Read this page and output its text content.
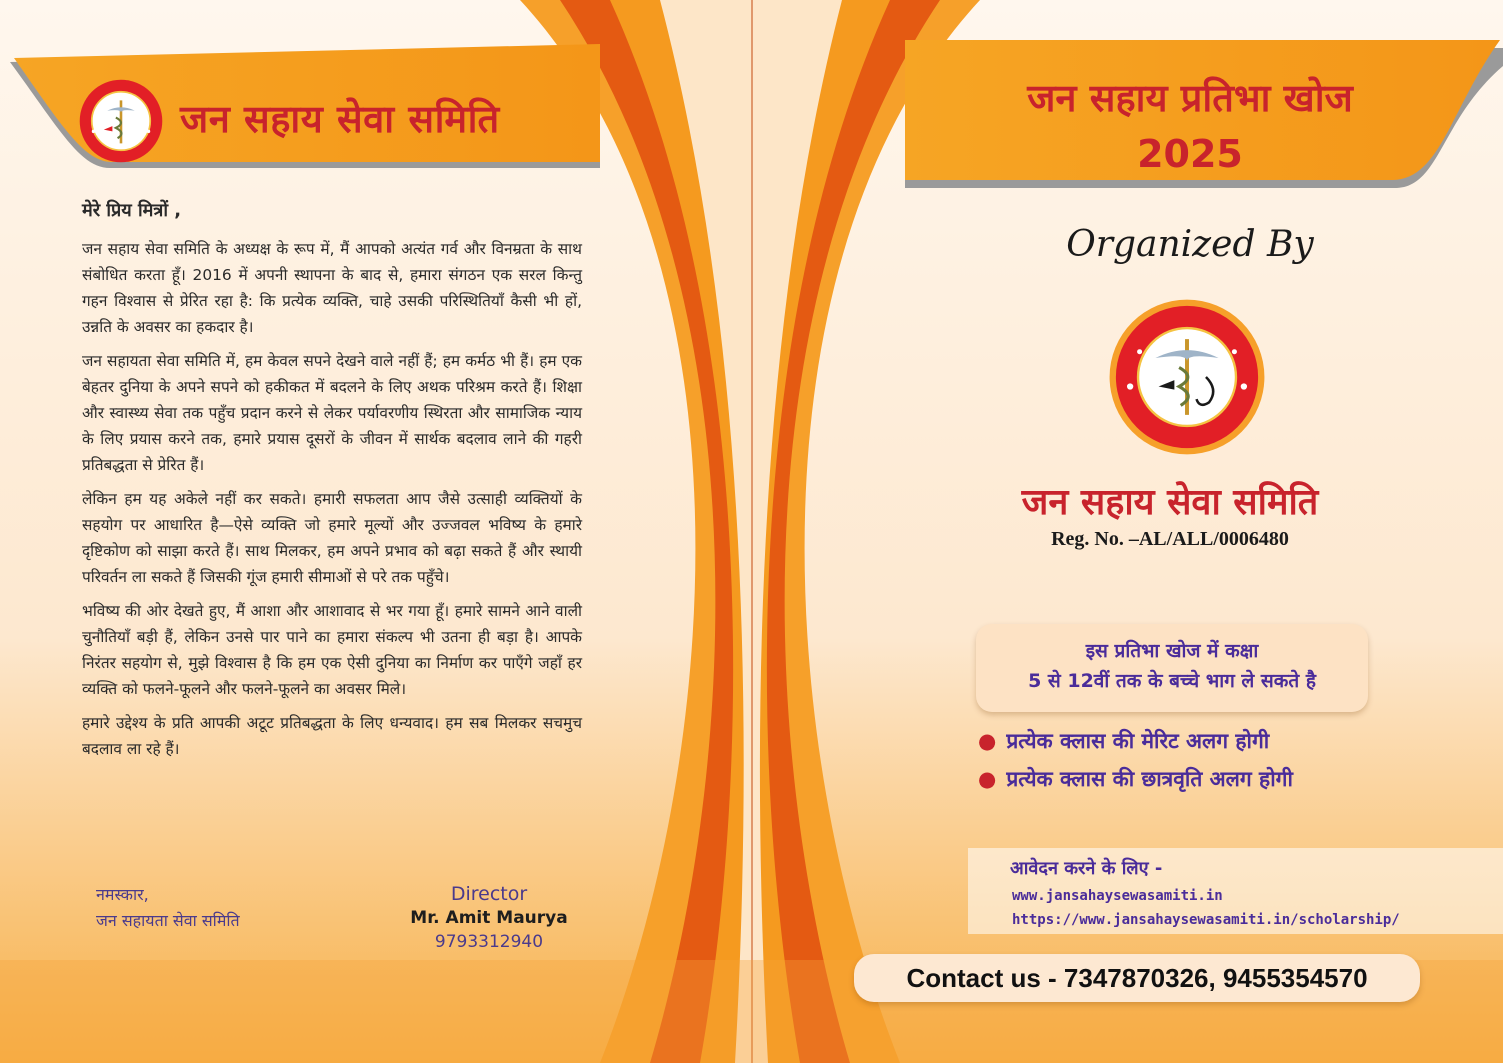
जन सहाय सेवा समिति
मेरे प्रिय मित्रों ,

जन सहाय सेवा समिति के अध्यक्ष के रूप में, मैं आपको अत्यंत गर्व और विनम्रता के साथ संबोधित करता हूँ। 2016 में अपनी स्थापना के बाद से, हमारा संगठन एक सरल किन्तु गहन विश्वास से प्रेरित रहा है: कि प्रत्येक व्यक्ति, चाहे उसकी परिस्थितियाँ कैसी भी हों, उन्नति के अवसर का हकदार है।

जन सहायता सेवा समिति में, हम केवल सपने देखने वाले नहीं हैं; हम कर्मठ भी हैं। हम एक बेहतर दुनिया के अपने सपने को हकीकत में बदलने के लिए अथक परिश्रम करते हैं। शिक्षा और स्वास्थ्य सेवा तक पहुँच प्रदान करने से लेकर पर्यावरणीय स्थिरता और सामाजिक न्याय के लिए प्रयास करने तक, हमारे प्रयास दूसरों के जीवन में सार्थक बदलाव लाने की गहरी प्रतिबद्धता से प्रेरित हैं।

लेकिन हम यह अकेले नहीं कर सकते। हमारी सफलता आप जैसे उत्साही व्यक्तियों के सहयोग पर आधारित है—ऐसे व्यक्ति जो हमारे मूल्यों और उज्जवल भविष्य के हमारे दृष्टिकोण को साझा करते हैं। साथ मिलकर, हम अपने प्रभाव को बढ़ा सकते हैं और स्थायी परिवर्तन ला सकते हैं जिसकी गूंज हमारी सीमाओं से परे तक पहुँचे।

भविष्य की ओर देखते हुए, मैं आशा और आशावाद से भर गया हूँ। हमारे सामने आने वाली चुनौतियाँ बड़ी हैं, लेकिन उनसे पार पाने का हमारा संकल्प भी उतना ही बड़ा है। आपके निरंतर सहयोग से, मुझे विश्वास है कि हम एक ऐसी दुनिया का निर्माण कर पाएँगे जहाँ हर व्यक्ति को फलने-फूलने और फलने-फूलने का अवसर मिले।

हमारे उद्देश्य के प्रति आपकी अटूट प्रतिबद्धता के लिए धन्यवाद। हम सब मिलकर सचमुच बदलाव ला रहे हैं।

नमस्कार,
जन सहायता सेवा समिति
Director
Mr. Amit Maurya
9793312940
जन सहाय प्रतिभा खोज
2025
Organized By
जन सहाय सेवा समिति
Reg. No. –AL/ALL/0006480
इस प्रतिभा खोज में कक्षा
5 से 12वीं तक के बच्चे भाग ले सकते है
● प्रत्येक क्लास की मेरिट अलग होगी
● प्रत्येक क्लास की छात्रवृति अलग होगी
आवेदन करने के लिए -
www.jansahaysewasamiti.in
https://www.jansahaysewasamiti.in/scholarship/
Contact us - 7347870326, 9455354570
